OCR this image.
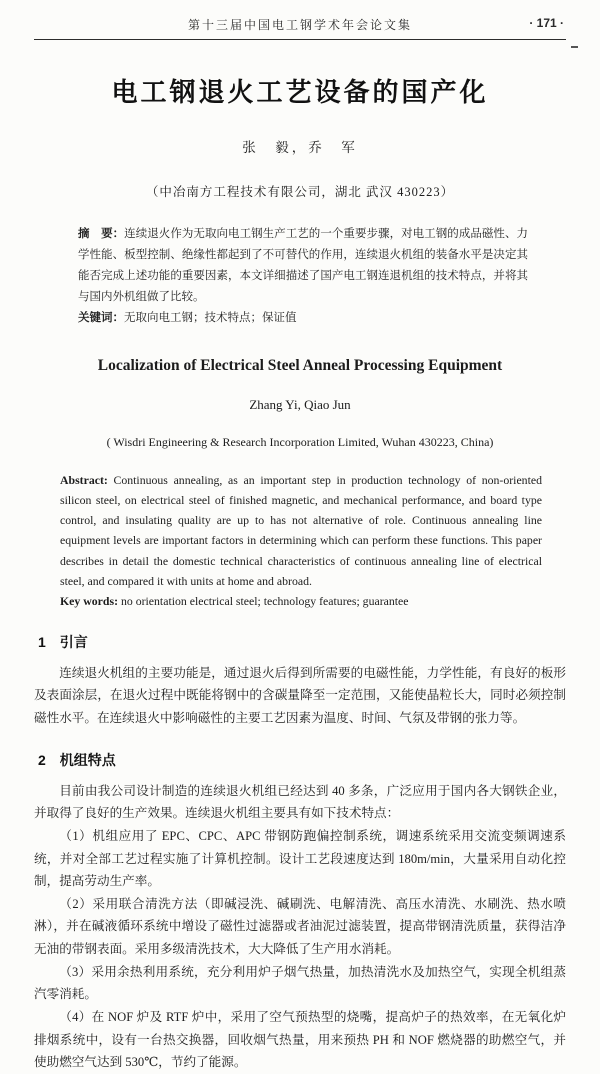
第十三届中国电工钢学术年会论文集	· 171 ·
电工钢退火工艺设备的国产化
张　毅，乔　军
（中冶南方工程技术有限公司，湖北 武汉 430223）
摘　要：连续退火作为无取向电工钢生产工艺的一个重要步骤，对电工钢的成品磁性、力学性能、板型控制、绝缘性都起到了不可替代的作用，连续退火机组的装备水平是决定其能否完成上述功能的重要因素，本文详细描述了国产电工钢连退机组的技术特点，并将其与国内外机组做了比较。
关键词：无取向电工钢；技术特点；保证值
Localization of Electrical Steel Anneal Processing Equipment
Zhang Yi, Qiao Jun
( Wisdri Engineering & Research Incorporation Limited, Wuhan 430223, China)
Abstract: Continuous annealing, as an important step in production technology of non-oriented silicon steel, on electrical steel of finished magnetic, and mechanical performance, and board type control, and insulating quality are up to has not alternative of role. Continuous annealing line equipment levels are important factors in determining which can perform these functions. This paper describes in detail the domestic technical characteristics of continuous annealing line of electrical steel, and compared it with units at home and abroad.
Key words: no orientation electrical steel; technology features; guarantee
1　引言

连续退火机组的主要功能是，通过退火后得到所需要的电磁性能，力学性能，有良好的板形及表面涂层，在退火过程中既能将钢中的含碳量降至一定范围，又能使晶粒长大，同时必须控制磁性水平。在连续退火中影响磁性的主要工艺因素为温度、时间、气氛及带钢的张力等。

2　机组特点

目前由我公司设计制造的连续退火机组已经达到 40 多条，广泛应用于国内各大钢铁企业，并取得了良好的生产效果。连续退火机组主要具有如下技术特点：

（1）机组应用了 EPC、CPC、APC 带钢防跑偏控制系统，调速系统采用交流变频调速系统，并对全部工艺过程实施了计算机控制。设计工艺段速度达到 180m/min，大量采用自动化控制，提高劳动生产率。

（2）采用联合清洗方法（即碱浸洗、碱刷洗、电解清洗、高压水清洗、水刷洗、热水喷淋），并在碱液循环系统中增设了磁性过滤器或者油泥过滤装置，提高带钢清洗质量，获得洁净无油的带钢表面。采用多级清洗技术，大大降低了生产用水消耗。

（3）采用余热利用系统，充分利用炉子烟气热量，加热清洗水及加热空气，实现全机组蒸汽零消耗。

（4）在 NOF 炉及 RTF 炉中，采用了空气预热型的烧嘴，提高炉子的热效率，在无氧化炉排烟系统中，设有一台热交换器，回收烟气热量，用来预热 PH 和 NOF 燃烧器的助燃空气，并使助燃空气达到 530℃，节约了能源。
